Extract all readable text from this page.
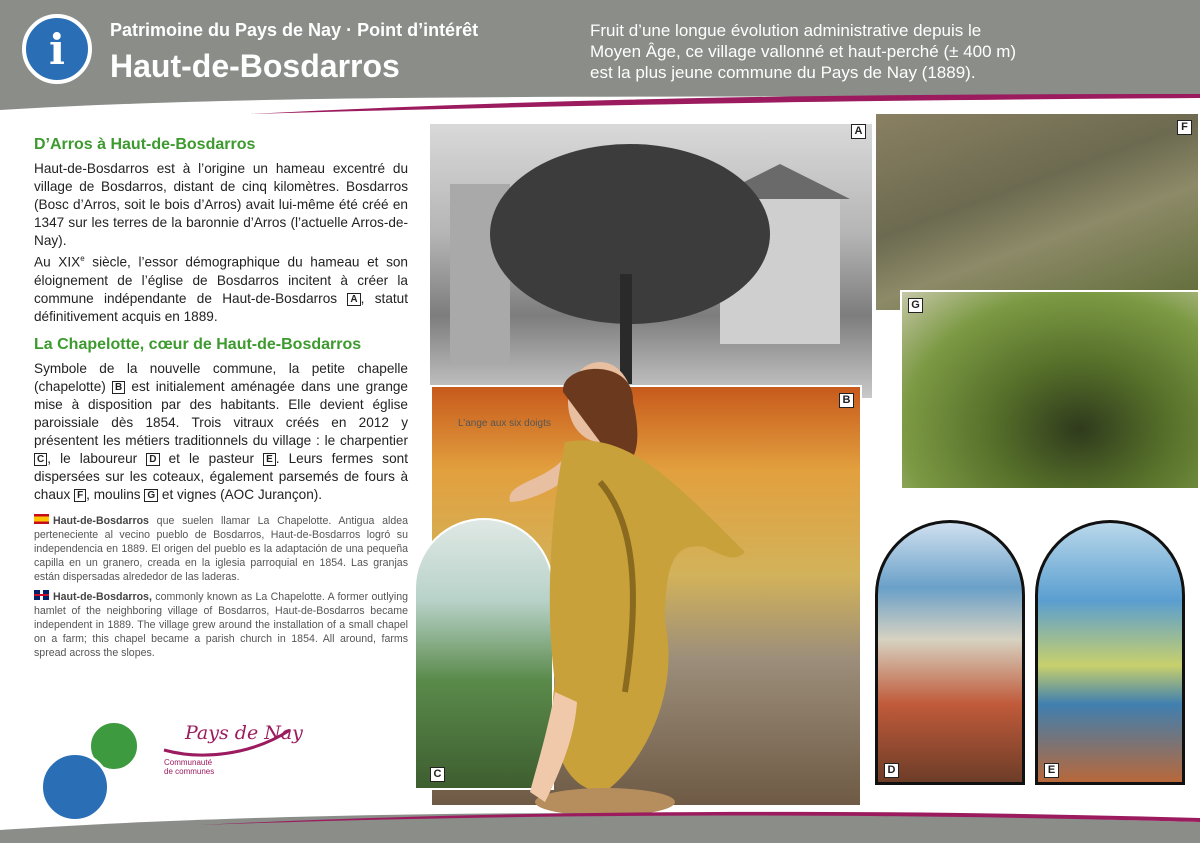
i	Patrimoine du Pays de Nay · Point d’intérêt
Haut-de-Bosdarros
Fruit d’une longue évolution administrative depuis le
Moyen Âge, ce village vallonné et haut-perché (± 400 m)
est la plus jeune commune du Pays de Nay (1889).
D’Arros à Haut-de-Bosdarros

Haut-de-Bosdarros est à l’origine un hameau excentré du village de Bosdarros, distant de cinq kilomètres. Bosdarros (Bosc d’Arros, soit le bois d’Arros) avait lui-même été créé en 1347 sur les terres de la baronnie d’Arros (l’actuelle Arros-de-Nay).

Au XIXe siècle, l’essor démographique du hameau et son éloignement de l’église de Bosdarros incitent à créer la commune indépendante de Haut-de-Bosdarros A , statut définitivement acquis en 1889.

La Chapelotte, cœur de Haut-de-Bosdarros

Symbole de la nouvelle commune, la petite chapelle (chapelotte) B est initialement aménagée dans une grange mise à disposition par des habitants. Elle devient église paroissiale dès 1854. Trois vitraux créés en 2012 y présentent les métiers traditionnels du village : le charpentier C , le laboureur D et le pasteur E . Leurs fermes sont dispersées sur les coteaux, également parsemés de fours à chaux F , moulins G et vignes (AOC Jurançon).

Haut-de-Bosdarros que suelen llamar La Chapelotte. Antigua aldea perteneciente al vecino pueblo de Bosdarros, Haut-de-Bosdarros logró su independencia en 1889. El origen del pueblo es la adaptación de una pequeña capilla en un granero, creada en la iglesia parroquial en 1854. Las granjas están dispersadas alrededor de las laderas.

Haut-de-Bosdarros, commonly known as La Chapelotte. A former outlying hamlet of the neighboring village of Bosdarros, Haut-de-Bosdarros became independent in 1889. The village grew around the installation of a small chapel on a farm; this chapel became a parish church in 1854. All around, farms spread across the slopes.

F
G
A
B
L’ange aux six doigts
C	D	E
Pays de Nay
Communauté
de communes
